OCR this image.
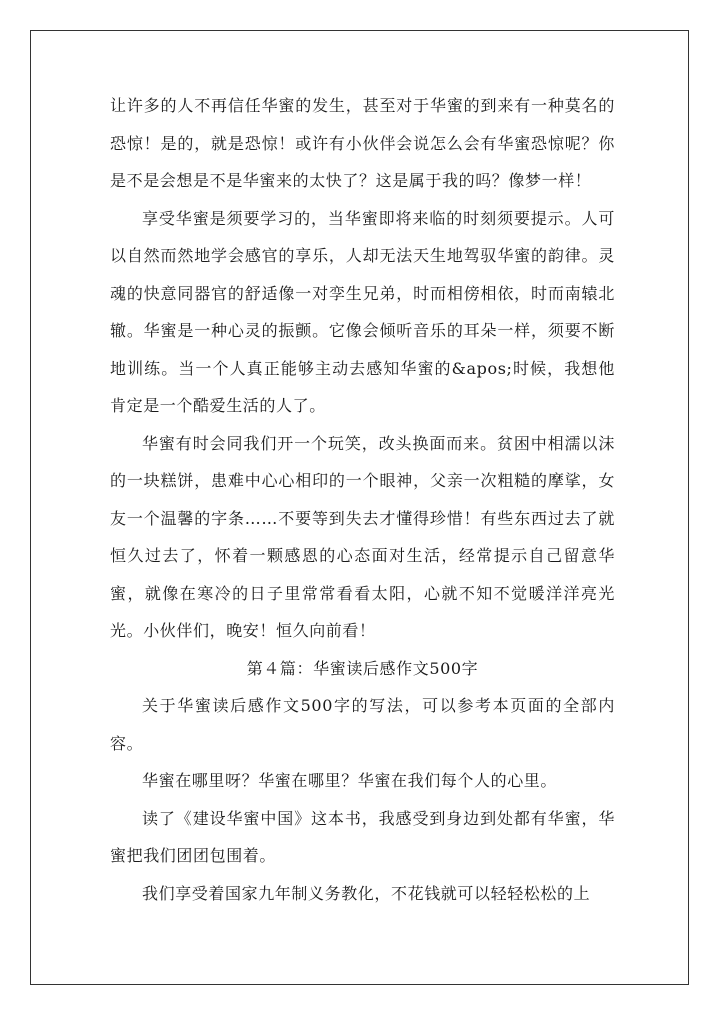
让许多的人不再信任华蜜的发生，甚至对于华蜜的到来有一种莫名的恐惊！是的，就是恐惊！或许有小伙伴会说怎么会有华蜜恐惊呢？你是不是会想是不是华蜜来的太快了？这是属于我的吗？像梦一样！

享受华蜜是须要学习的，当华蜜即将来临的时刻须要提示。人可以自然而然地学会感官的享乐，人却无法天生地驾驭华蜜的韵律。灵魂的快意同器官的舒适像一对孪生兄弟，时而相傍相依，时而南辕北辙。华蜜是一种心灵的振颤。它像会倾听音乐的耳朵一样，须要不断地训练。当一个人真正能够主动去感知华蜜的&apos;时候，我想他肯定是一个酷爱生活的人了。

华蜜有时会同我们开一个玩笑，改头换面而来。贫困中相濡以沫的一块糕饼，患难中心心相印的一个眼神，父亲一次粗糙的摩挲，女友一个温馨的字条……不要等到失去才懂得珍惜！有些东西过去了就恒久过去了，怀着一颗感恩的心态面对生活，经常提示自己留意华蜜，就像在寒冷的日子里常常看看太阳，心就不知不觉暖洋洋亮光光。小伙伴们，晚安！恒久向前看！

第４篇：华蜜读后感作文500字

关于华蜜读后感作文500字的写法，可以参考本页面的全部内容。

华蜜在哪里呀？华蜜在哪里？华蜜在我们每个人的心里。

读了《建设华蜜中国》这本书，我感受到身边到处都有华蜜，华蜜把我们团团包围着。

我们享受着国家九年制义务教化，不花钱就可以轻轻松松的上
